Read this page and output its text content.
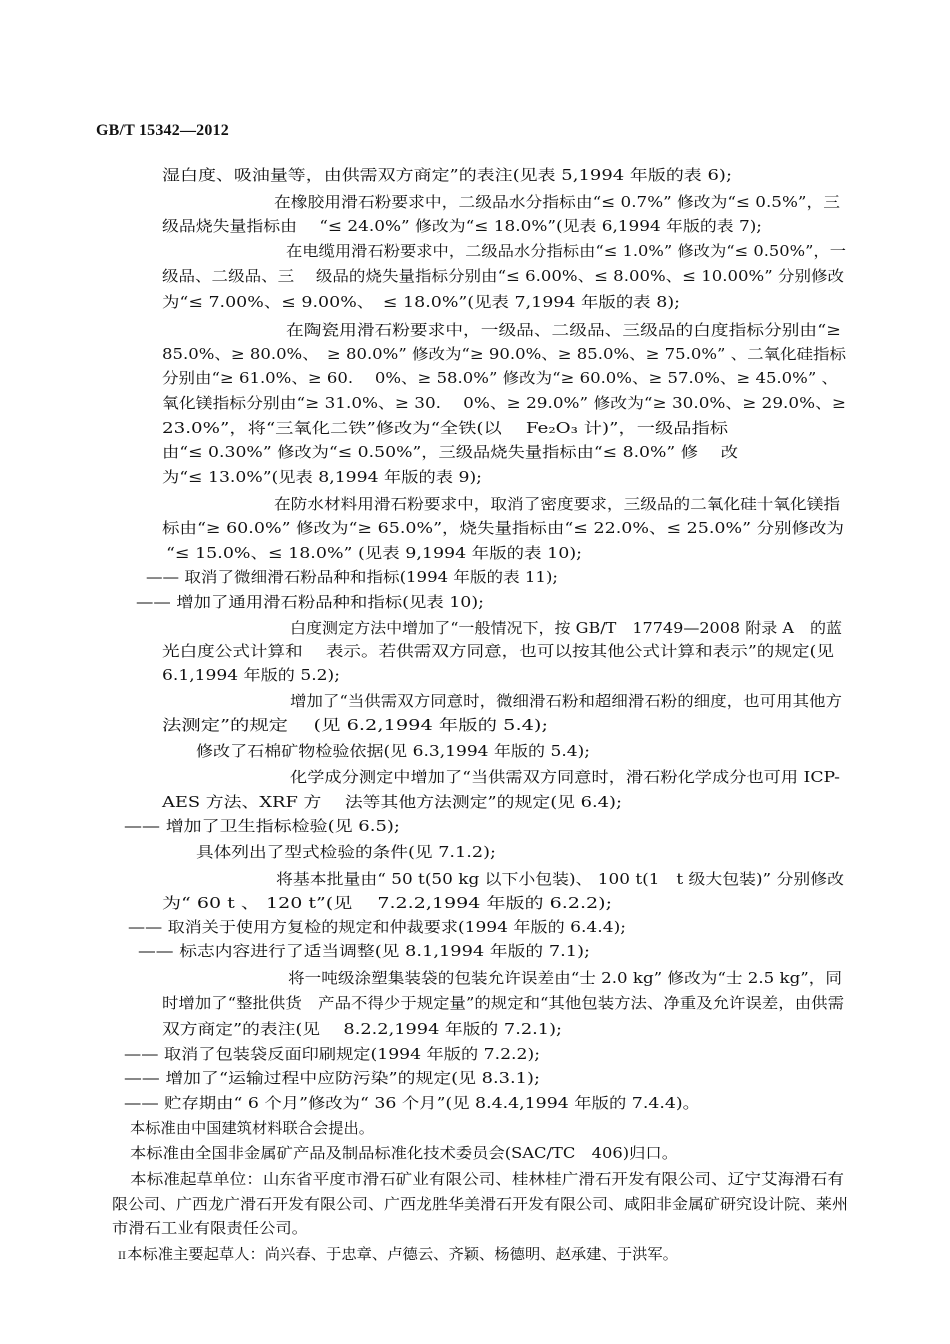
GB/T 15342—2012
湿白度、吸油量等，由供需双方商定”的表注(见表 5,1994 年版的表 6);
在橡胶用滑石粉要求中，二级品水分指标由“≤ 0.7%” 修改为“≤ 0.5%”，三
级品烧失量指标由　 “≤ 24.0%” 修改为“≤ 18.0%”(见表 6,1994 年版的表 7);
在电缆用滑石粉要求中，二级品水分指标由“≤ 1.0%” 修改为“≤ 0.50%”，一
级品、二级品、三　 级品的烧失量指标分别由“≤ 6.00%、≤ 8.00%、≤ 10.00%” 分别修改
为“≤ 7.00%、≤ 9.00%、　≤ 18.0%”(见表 7,1994 年版的表 8);
在陶瓷用滑石粉要求中，一级品、二级品、三级品的白度指标分别由“≥
85.0%、≥ 80.0%、　≥ 80.0%” 修改为“≥ 90.0%、≥ 85.0%、≥ 75.0%” 、二氧化硅指标
分别由“≥ 61.0%、≥ 60.　 0%、≥ 58.0%” 修改为“≥ 60.0%、≥ 57.0%、≥ 45.0%” 、
氧化镁指标分别由“≥ 31.0%、≥ 30.　 0%、≥ 29.0%” 修改为“≥ 30.0%、≥ 29.0%、≥
23.0%”，将“三氧化二铁”修改为“全铁(以　 Fe₂O₃ 计)”，一级品指标
由“≤ 0.30%” 修改为“≤ 0.50%”，三级品烧失量指标由“≤ 8.0%” 修　 改
为“≤ 13.0%”(见表 8,1994 年版的表 9);
在防水材料用滑石粉要求中，取消了密度要求，三级品的二氧化硅十氧化镁指
标由“≥ 60.0%” 修改为“≥ 65.0%”，烧失量指标由“≤ 22.0%、≤ 25.0%” 分别修改为
“≤ 15.0%、≤ 18.0%” (见表 9,1994 年版的表 10);
—— 取消了微细滑石粉品种和指标(1994 年版的表 11);
—— 增加了通用滑石粉品种和指标(见表 10);
白度测定方法中增加了“一般情况下，按 GB/T　17749—2008 附录 A　的蓝
光白度公式计算和　 表示。若供需双方同意，也可以按其他公式计算和表示”的规定(见
6.1,1994 年版的 5.2);
增加了“当供需双方同意时，微细滑石粉和超细滑石粉的细度，也可用其他方
法测定”的规定　 (见 6.2,1994 年版的 5.4);
修改了石棉矿物检验依据(见 6.3,1994 年版的 5.4);
化学成分测定中增加了“当供需双方同意时，滑石粉化学成分也可用 ICP-
AES 方法、XRF 方　 法等其他方法测定”的规定(见 6.4);
—— 增加了卫生指标检验(见 6.5);
具体列出了型式检验的条件(见 7.1.2);
将基本批量由“ 50 t(50 kg 以下小包装)、 100 t(1　t 级大包装)” 分别修改
为“ 60 t 、 120 t”(见　 7.2.2,1994 年版的 6.2.2);
—— 取消关于使用方复检的规定和仲裁要求(1994 年版的 6.4.4);
—— 标志内容进行了适当调整(见 8.1,1994 年版的 7.1);
将一吨级涂塑集装袋的包装允许误差由“士 2.0 kg” 修改为“士 2.5 kg”，同
时增加了“整批供货　产品不得少于规定量”的规定和“其他包装方法、净重及允许误差，由供需
双方商定”的表注(见　 8.2.2,1994 年版的 7.2.1);
—— 取消了包装袋反面印刷规定(1994 年版的 7.2.2);
—— 增加了“运输过程中应防污染”的规定(见 8.3.1);
—— 贮存期由“ 6 个月”修改为“ 36 个月”(见 8.4.4,1994 年版的 7.4.4)。
本标准由中国建筑材料联合会提出。
本标准由全国非金属矿产品及制品标准化技术委员会(SAC/TC　406)归口。
本标准起草单位：山东省平度市滑石矿业有限公司、桂林桂广滑石开发有限公司、辽宁艾海滑石有
限公司、广西龙广滑石开发有限公司、广西龙胜华美滑石开发有限公司、咸阳非金属矿研究设计院、莱州
市滑石工业有限责任公司。
II本标准主要起草人：尚兴春、于忠章、卢德云、齐颖、杨德明、赵承建、于洪军。
